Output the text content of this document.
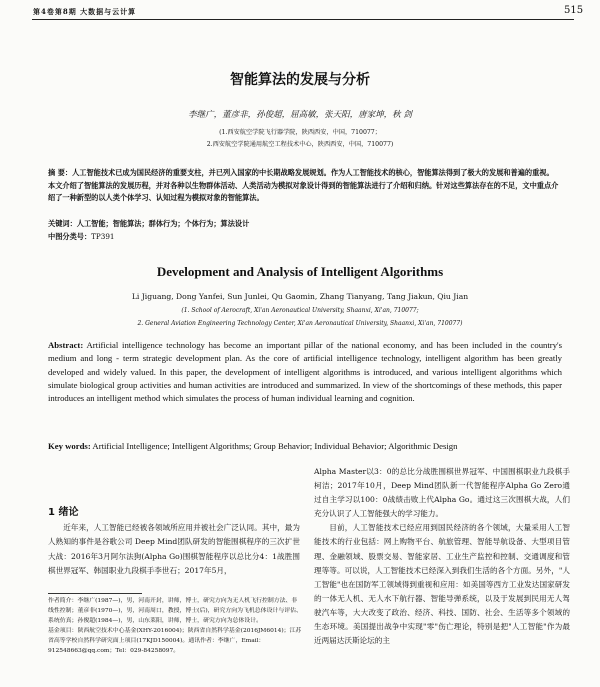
第4卷第8期 大数据与云计算	515
智能算法的发展与分析
李继广，董彦非，孙俊超，屈高敏，张天阳，唐家坤，秋 剑
(1.西安航空学院飞行器学院，陕西西安，中国，710077；
2.西安航空学院通用航空工程技术中心，陕西西安，中国，710077)
摘 要：人工智能技术已成为国民经济的重要支柱，并已列入国家的中长期战略发展规划。作为人工智能技术的核心，智能算法得到了极大的发展和普遍的重视。本文介绍了智能算法的发展历程，并对各种以生物群体活动、人类活动为模拟对象设计得到的智能算法进行了介绍和归纳。针对这些算法存在的不足，文中重点介绍了一种新型的以人类个体学习、认知过程为模拟对象的智能算法。
关键词：人工智能；智能算法；群体行为；个体行为；算法设计
中图分类号：TP391
Development and Analysis of Intelligent Algorithms
Li Jiguang, Dong Yanfei, Sun Junlei, Qu Gaomin, Zhang Tianyang, Tang Jiakun, Qiu Jian
(1. School of Aerocraft, Xi'an Aeronautical University, Shaanxi, Xi'an, 710077;
2. General Aviation Engineering Technology Center, Xi'an Aeronautical University, Shaanxi, Xi'an, 710077)
Abstract: Artificial intelligence technology has become an important pillar of the national economy, and has been included in the country's medium and long - term strategic development plan. As the core of artificial intelligence technology, intelligent algorithm has been greatly developed and widely valued. In this paper, the development of intelligent algorithms is introduced, and various intelligent algorithms which simulate biological group activities and human activities are introduced and summarized. In view of the shortcomings of these methods, this paper introduces an intelligent method which simulates the process of human individual learning and cognition.
Key words: Artificial Intelligence; Intelligent Algorithms; Group Behavior; Individual Behavior; Algorithmic Design
1 绪论

近年来，人工智能已经被各领域所应用并被社会广泛认同。其中，最为人熟知的事件是谷歌公司 Deep Mind团队研发的智能围棋程序的三次扩世大战：2016年3月阿尔法狗(Alpha Go)围棋智能程序以总比分4：1战胜围棋世界冠军、韩国职业九段棋手李世石；2017年5月，

作者简介：李继广(1987—)，男，河南开封，讲师，博士，研究方向为无人机飞行控制方法、非线性控制；董彦非(1970—)，男，河南周口，教授，博士(后)，研究方向为飞机总体设计与评估、系统仿真；孙俊超(1984—)，男，山东莱阳，讲师，博士，研究方向为总体设计。
基金项目：陕西航空技术中心基金(XHY-2016004)；陕西省自然科学基金(2016JM6014)；江苏省高等学校自然科学研究面上项目(17KJD150004)。通讯作者：李继广，Email：912548663@qq.com；Tel：029-84258097。

Alpha Master以3：0的总比分战胜围棋世界冠军、中国围棋职业九段棋手柯洁；2017年10月，Deep Mind团队新一代智能程序Alpha Go Zero通过自主学习以100：0战绩击败上代Alpha Go。通过这三次围棋大战，人们充分认识了人工智能强大的学习能力。

目前，人工智能技术已经应用到国民经济的各个领域，大量采用人工智能技术的行业包括：网上购物平台、航旅管理、智能导航设备、大型项目管理、金融领域、股票交易、智能家居、工业生产监控和控制、交通调度和管理等等。可以说，人工智能技术已经深入到我们生活的各个方面。另外，"人工智能"也在国防军工领域得到重视和应用：如美国等西方工业发达国家研发的一体无人机、无人水下航行器、智能导弹系统，以及于发展到民用无人驾驶汽车等，大大改变了政治、经济、科技、国防、社会、生活等多个领域的生态环境。美国提出战争中实现"零"伤亡理论，特别是把"人工智能"作为最近两届达沃斯论坛的主
